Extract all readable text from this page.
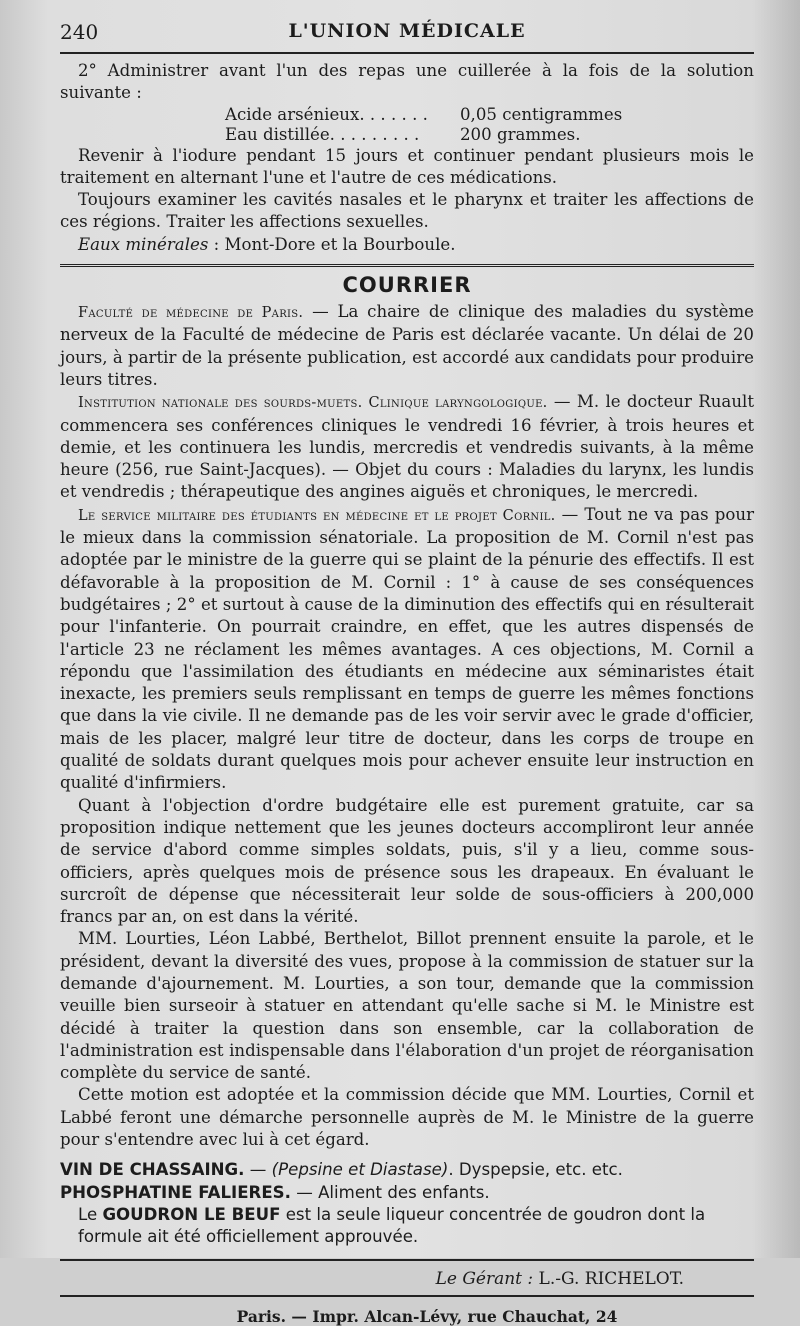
240	L'UNION MÉDICALE

2° Administrer avant l'un des repas une cuillerée à la fois de la solution suivante :

Acide arsénieux. . . . . . .	0,05 centigrammes
Eau distillée. . . . . . . . .	200 grammes.

Revenir à l'iodure pendant 15 jours et continuer pendant plusieurs mois le traitement en alternant l'une et l'autre de ces médications.

Toujours examiner les cavités nasales et le pharynx et traiter les affections de ces régions. Traiter les affections sexuelles.

Eaux minérales : Mont-Dore et la Bourboule.

COURRIER

Faculté de médecine de Paris. — La chaire de clinique des maladies du système nerveux de la Faculté de médecine de Paris est déclarée vacante. Un délai de 20 jours, à partir de la présente publication, est accordé aux candidats pour produire leurs titres.

Institution nationale des sourds-muets. Clinique laryngologique. — M. le docteur Ruault commencera ses conférences cliniques le vendredi 16 février, à trois heures et demie, et les continuera les lundis, mercredis et vendredis suivants, à la même heure (256, rue Saint-Jacques). — Objet du cours : Maladies du larynx, les lundis et vendredis ; thérapeutique des angines aiguës et chroniques, le mercredi.

Le service militaire des étudiants en médecine et le projet Cornil. — Tout ne va pas pour le mieux dans la commission sénatoriale. La proposition de M. Cornil n'est pas adoptée par le ministre de la guerre qui se plaint de la pénurie des effectifs. Il est défavorable à la proposition de M. Cornil : 1° à cause de ses conséquences budgétaires ; 2° et surtout à cause de la diminution des effectifs qui en résulterait pour l'infanterie. On pourrait craindre, en effet, que les autres dispensés de l'article 23 ne réclament les mêmes avantages. A ces objections, M. Cornil a répondu que l'assimilation des étudiants en médecine aux séminaristes était inexacte, les premiers seuls remplissant en temps de guerre les mêmes fonctions que dans la vie civile. Il ne demande pas de les voir servir avec le grade d'officier, mais de les placer, malgré leur titre de docteur, dans les corps de troupe en qualité de soldats durant quelques mois pour achever ensuite leur instruction en qualité d'infirmiers.

Quant à l'objection d'ordre budgétaire elle est purement gratuite, car sa proposition indique nettement que les jeunes docteurs accompliront leur année de service d'abord comme simples soldats, puis, s'il y a lieu, comme sous-officiers, après quelques mois de présence sous les drapeaux. En évaluant le surcroît de dépense que nécessiterait leur solde de sous-officiers à 200,000 francs par an, on est dans la vérité.

MM. Lourties, Léon Labbé, Berthelot, Billot prennent ensuite la parole, et le président, devant la diversité des vues, propose à la commission de statuer sur la demande d'ajournement. M. Lourties, a son tour, demande que la commission veuille bien surseoir à statuer en attendant qu'elle sache si M. le Ministre est décidé à traiter la question dans son ensemble, car la collaboration de l'administration est indispensable dans l'élaboration d'un projet de réorganisation complète du service de santé.

Cette motion est adoptée et la commission décide que MM. Lourties, Cornil et Labbé feront une démarche personnelle auprès de M. le Ministre de la guerre pour s'entendre avec lui à cet égard.

VIN DE CHASSAING. — (Pepsine et Diastase). Dyspepsie, etc. etc.

PHOSPHATINE FALIERES. — Aliment des enfants.

Le GOUDRON LE BEUF est la seule liqueur concentrée de goudron dont la formule ait été officiellement approuvée.

Le Gérant : L.-G. RICHELOT.
Paris. — Impr. Alcan-Lévy, rue Chauchat, 24
